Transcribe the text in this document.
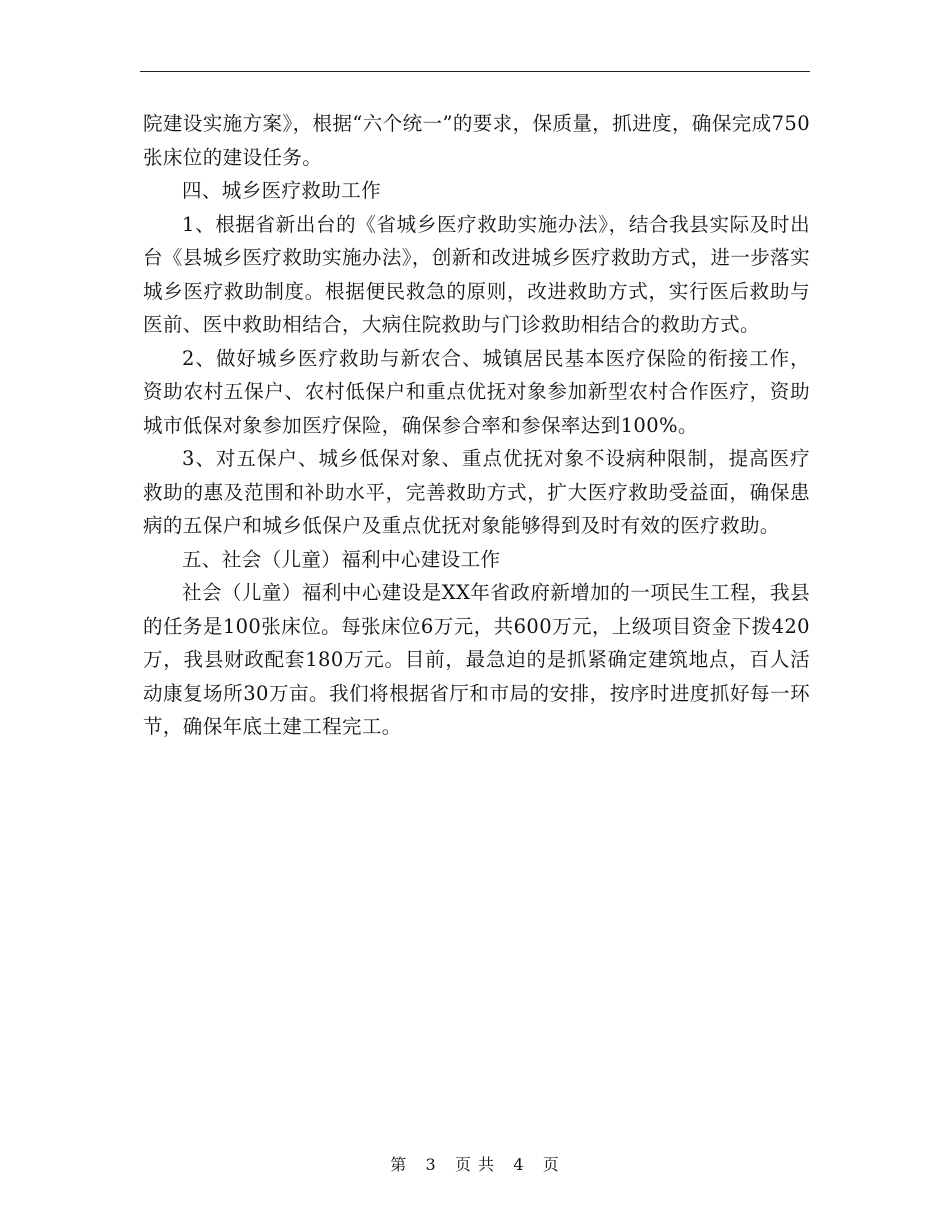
院建设实施方案》，根据“六个统一”的要求，保质量，抓进度，确保完成750张床位的建设任务。

四、城乡医疗救助工作

1、根据省新出台的《省城乡医疗救助实施办法》，结合我县实际及时出台《县城乡医疗救助实施办法》，创新和改进城乡医疗救助方式，进一步落实城乡医疗救助制度。根据便民救急的原则，改进救助方式，实行医后救助与医前、医中救助相结合，大病住院救助与门诊救助相结合的救助方式。

2、做好城乡医疗救助与新农合、城镇居民基本医疗保险的衔接工作，资助农村五保户、农村低保户和重点优抚对象参加新型农村合作医疗，资助城市低保对象参加医疗保险，确保参合率和参保率达到100%。

3、对五保户、城乡低保对象、重点优抚对象不设病种限制，提高医疗救助的惠及范围和补助水平，完善救助方式，扩大医疗救助受益面，确保患病的五保户和城乡低保户及重点优抚对象能够得到及时有效的医疗救助。

五、社会（儿童）福利中心建设工作

社会（儿童）福利中心建设是XX年省政府新增加的一项民生工程，我县的任务是100张床位。每张床位6万元，共600万元，上级项目资金下拨420万，我县财政配套180万元。目前，最急迫的是抓紧确定建筑地点，百人活动康复场所30万亩。我们将根据省厅和市局的安排，按序时进度抓好每一环节，确保年底土建工程完工。

第 3 页 共 4 页
